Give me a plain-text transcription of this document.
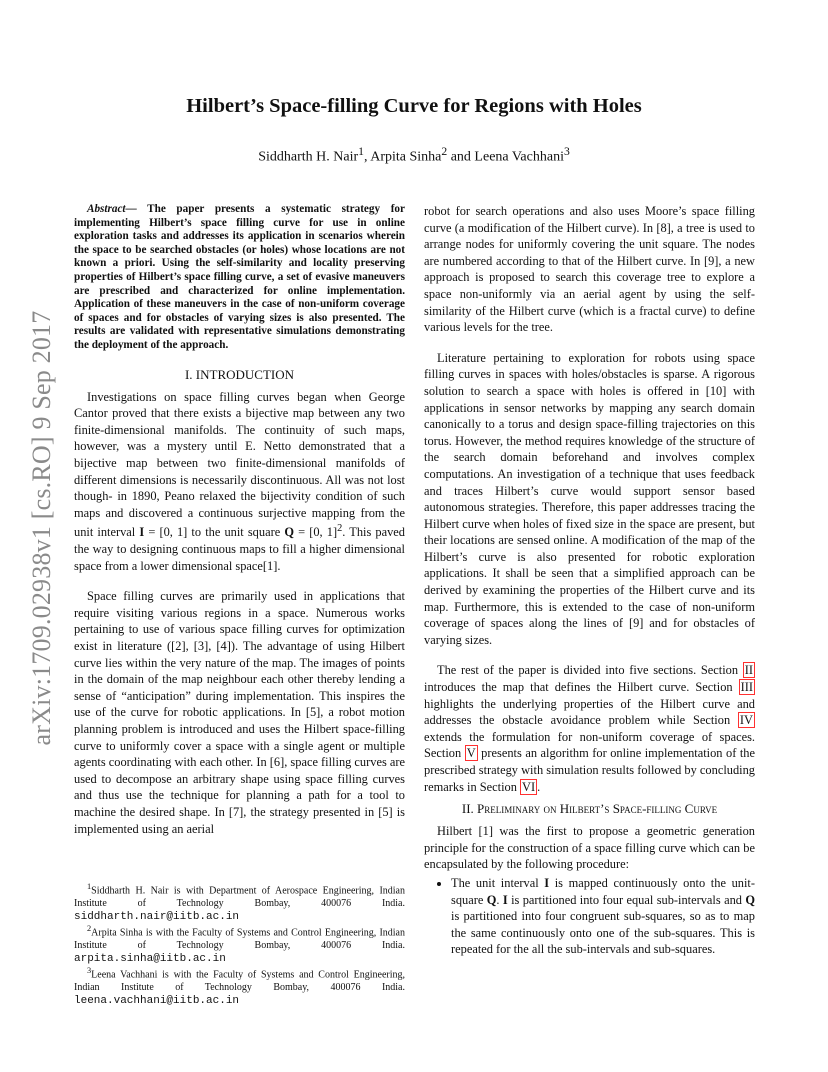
arXiv:1709.02938v1 [cs.RO] 9 Sep 2017
Hilbert’s Space-filling Curve for Regions with Holes
Siddharth H. Nair$^1$, Arpita Sinha$^2$ and Leena Vachhani$^3$

Abstract— The paper presents a systematic strategy for implementing Hilbert’s space filling curve for use in online exploration tasks and addresses its application in scenarios wherein the space to be searched obstacles (or holes) whose locations are not known a priori. Using the self-similarity and locality preserving properties of Hilbert’s space filling curve, a set of evasive maneuvers are prescribed and characterized for online implementation. Application of these maneuvers in the case of non-uniform coverage of spaces and for obstacles of varying sizes is also presented. The results are validated with representative simulations demonstrating the deployment of the approach.

I. INTRODUCTION

Investigations on space filling curves began when George Cantor proved that there exists a bijective map between any two finite-dimensional manifolds. The continuity of such maps, however, was a mystery until E. Netto demonstrated that a bijective map between two finite-dimensional manifolds of different dimensions is necessarily discontinuous. All was not lost though- in 1890, Peano relaxed the bijectivity condition of such maps and discovered a continuous surjective mapping from the unit interval I = [0, 1] to the unit square Q = [0, 1]$^2$. This paved the way to designing continuous maps to fill a higher dimensional space from a lower dimensional space[1].

Space filling curves are primarily used in applications that require visiting various regions in a space. Numerous works pertaining to use of various space filling curves for optimization exist in literature ([2], [3], [4]). The advantage of using Hilbert curve lies within the very nature of the map. The images of points in the domain of the map neighbour each other thereby lending a sense of “anticipation” during implementation. This inspires the use of the curve for robotic applications. In [5], a robot motion planning problem is introduced and uses the Hilbert space-filling curve to uniformly cover a space with a single agent or multiple agents coordinating with each other. In [6], space filling curves are used to decompose an arbitrary shape using space filling curves and thus use the technique for planning a path for a tool to machine the desired shape. In [7], the strategy presented in [5] is implemented using an aerial

$^1$Siddharth H. Nair is with Department of Aerospace Engineering, Indian Institute of Technology Bombay, 400076 India. siddharth.nair@iitb.ac.in

$^2$Arpita Sinha is with the Faculty of Systems and Control Engineering, Indian Institute of Technology Bombay, 400076 India. arpita.sinha@iitb.ac.in

$^3$Leena Vachhani is with the Faculty of Systems and Control Engineering, Indian Institute of Technology Bombay, 400076 India. leena.vachhani@iitb.ac.in

robot for search operations and also uses Moore’s space filling curve (a modification of the Hilbert curve). In [8], a tree is used to arrange nodes for uniformly covering the unit square. The nodes are numbered according to that of the Hilbert curve. In [9], a new approach is proposed to search this coverage tree to explore a space non-uniformly via an aerial agent by using the self-similarity of the Hilbert curve (which is a fractal curve) to define various levels for the tree.

Literature pertaining to exploration for robots using space filling curves in spaces with holes/obstacles is sparse. A rigorous solution to search a space with holes is offered in [10] with applications in sensor networks by mapping any search domain canonically to a torus and design space-filling trajectories on this torus. However, the method requires knowledge of the structure of the search domain beforehand and involves complex computations. An investigation of a technique that uses feedback and traces Hilbert’s curve would support sensor based autonomous strategies. Therefore, this paper addresses tracing the Hilbert curve when holes of fixed size in the space are present, but their locations are sensed online. A modification of the map of the Hilbert’s curve is also presented for robotic exploration applications. It shall be seen that a simplified approach can be derived by examining the properties of the Hilbert curve and its map. Furthermore, this is extended to the case of non-uniform coverage of spaces along the lines of [9] and for obstacles of varying sizes.

The rest of the paper is divided into five sections. Section II introduces the map that defines the Hilbert curve. Section III highlights the underlying properties of the Hilbert curve and addresses the obstacle avoidance problem while Section IV extends the formulation for non-uniform coverage of spaces. Section V presents an algorithm for online implementation of the prescribed strategy with simulation results followed by concluding remarks in Section VI .

II. Preliminary on Hilbert’s Space-filling Curve

Hilbert [1] was the first to propose a geometric generation principle for the construction of a space filling curve which can be encapsulated by the following procedure:

• The unit interval I is mapped continuously onto the unit-square Q. I is partitioned into four equal sub-intervals and Q is partitioned into four congruent sub-squares, so as to map the same continuously onto one of the sub-squares. This is repeated for the all the sub-intervals and sub-squares.
